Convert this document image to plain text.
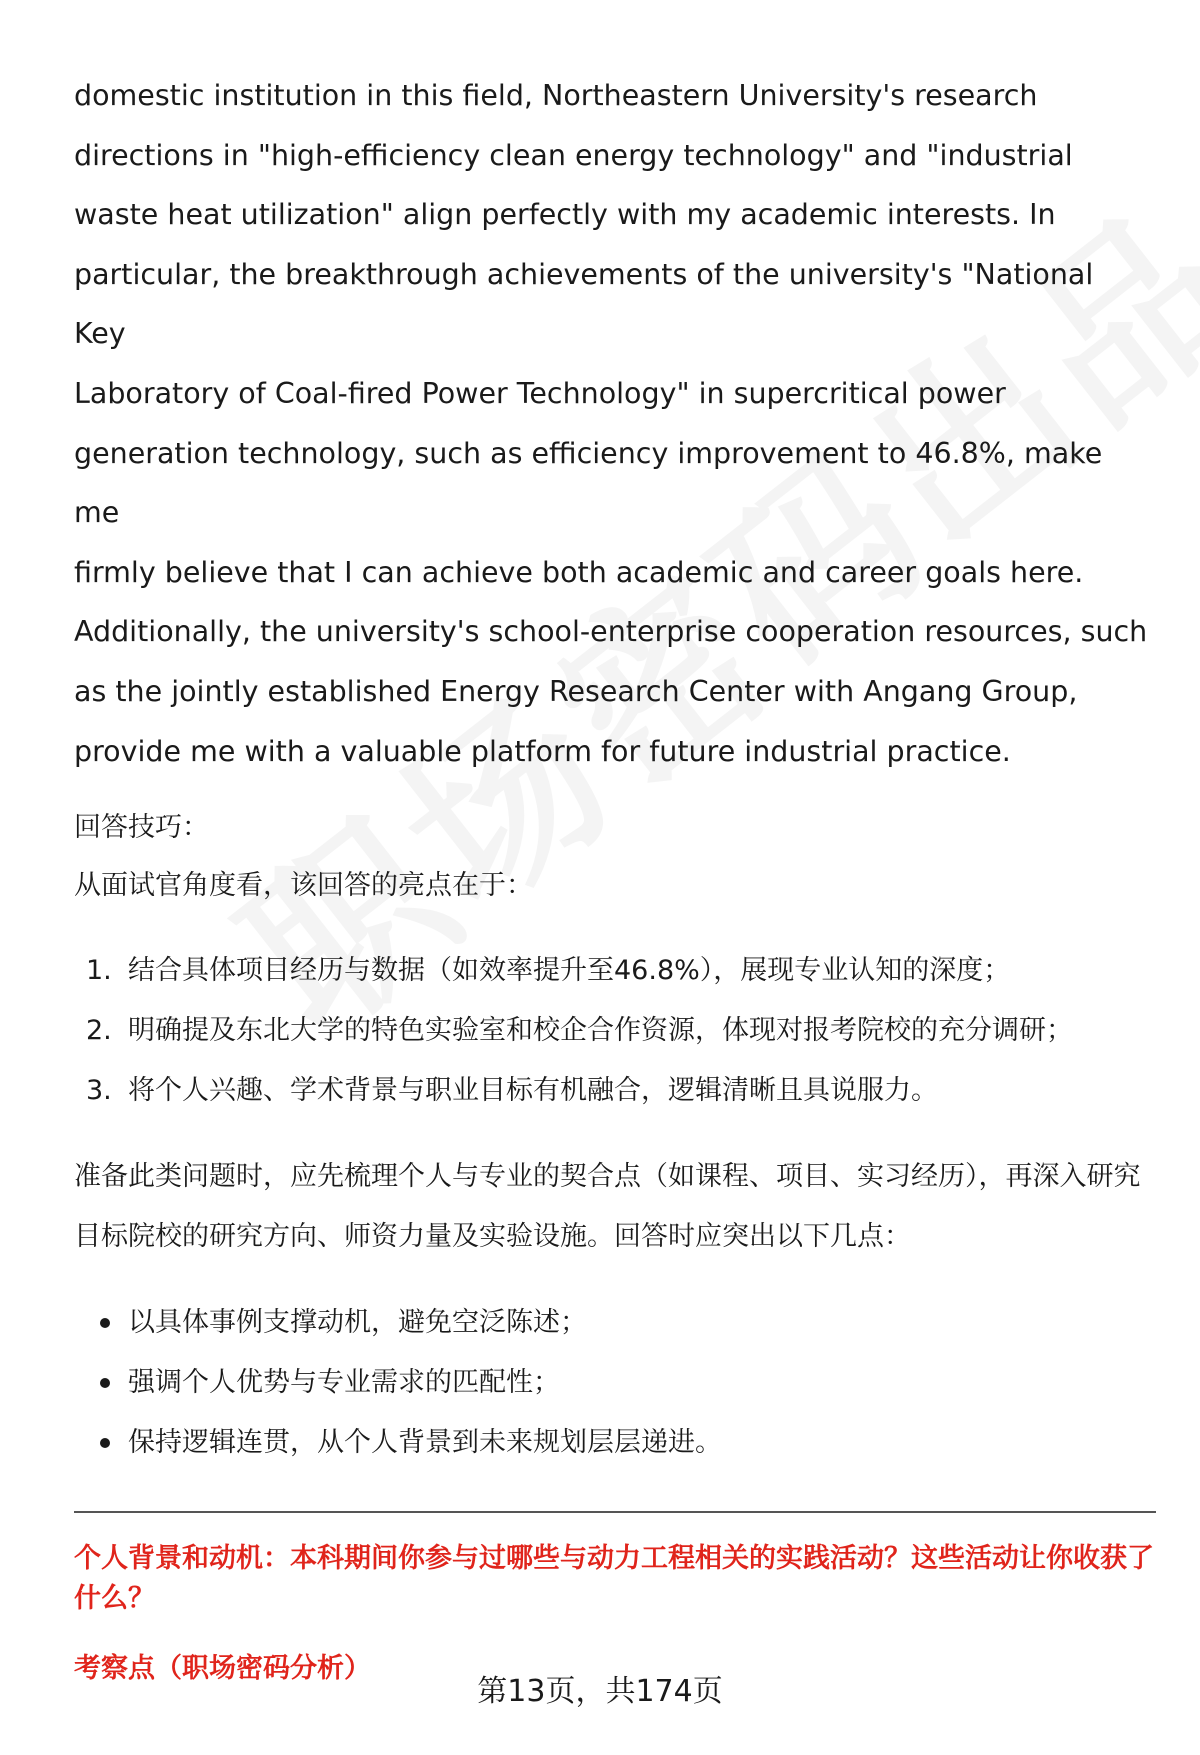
domestic institution in this field, Northeastern University's research
directions in "high-efficiency clean energy technology" and "industrial
waste heat utilization" align perfectly with my academic interests. In
particular, the breakthrough achievements of the university's "National Key
Laboratory of Coal-fired Power Technology" in supercritical power
generation technology, such as efficiency improvement to 46.8%, make me
firmly believe that I can achieve both academic and career goals here.
Additionally, the university's school-enterprise cooperation resources, such
as the jointly established Energy Research Center with Angang Group,
provide me with a valuable platform for future industrial practice.

回答技巧：

从面试官角度看，该回答的亮点在于：

1. 结合具体项目经历与数据（如效率提升至46.8%），展现专业认知的深度；
2. 明确提及东北大学的特色实验室和校企合作资源，体现对报考院校的充分调研；
3. 将个人兴趣、学术背景与职业目标有机融合，逻辑清晰且具说服力。

准备此类问题时，应先梳理个人与专业的契合点（如课程、项目、实习经历），再深入研究目标院校的研究方向、师资力量及实验设施。回答时应突出以下几点：

以具体事例支撑动机，避免空泛陈述；
强调个人优势与专业需求的匹配性；
保持逻辑连贯，从个人背景到未来规划层层递进。

个人背景和动机：本科期间你参与过哪些与动力工程相关的实践活动？这些活动让你收获了什么？

考察点（职场密码分析）

第13页，共174页
